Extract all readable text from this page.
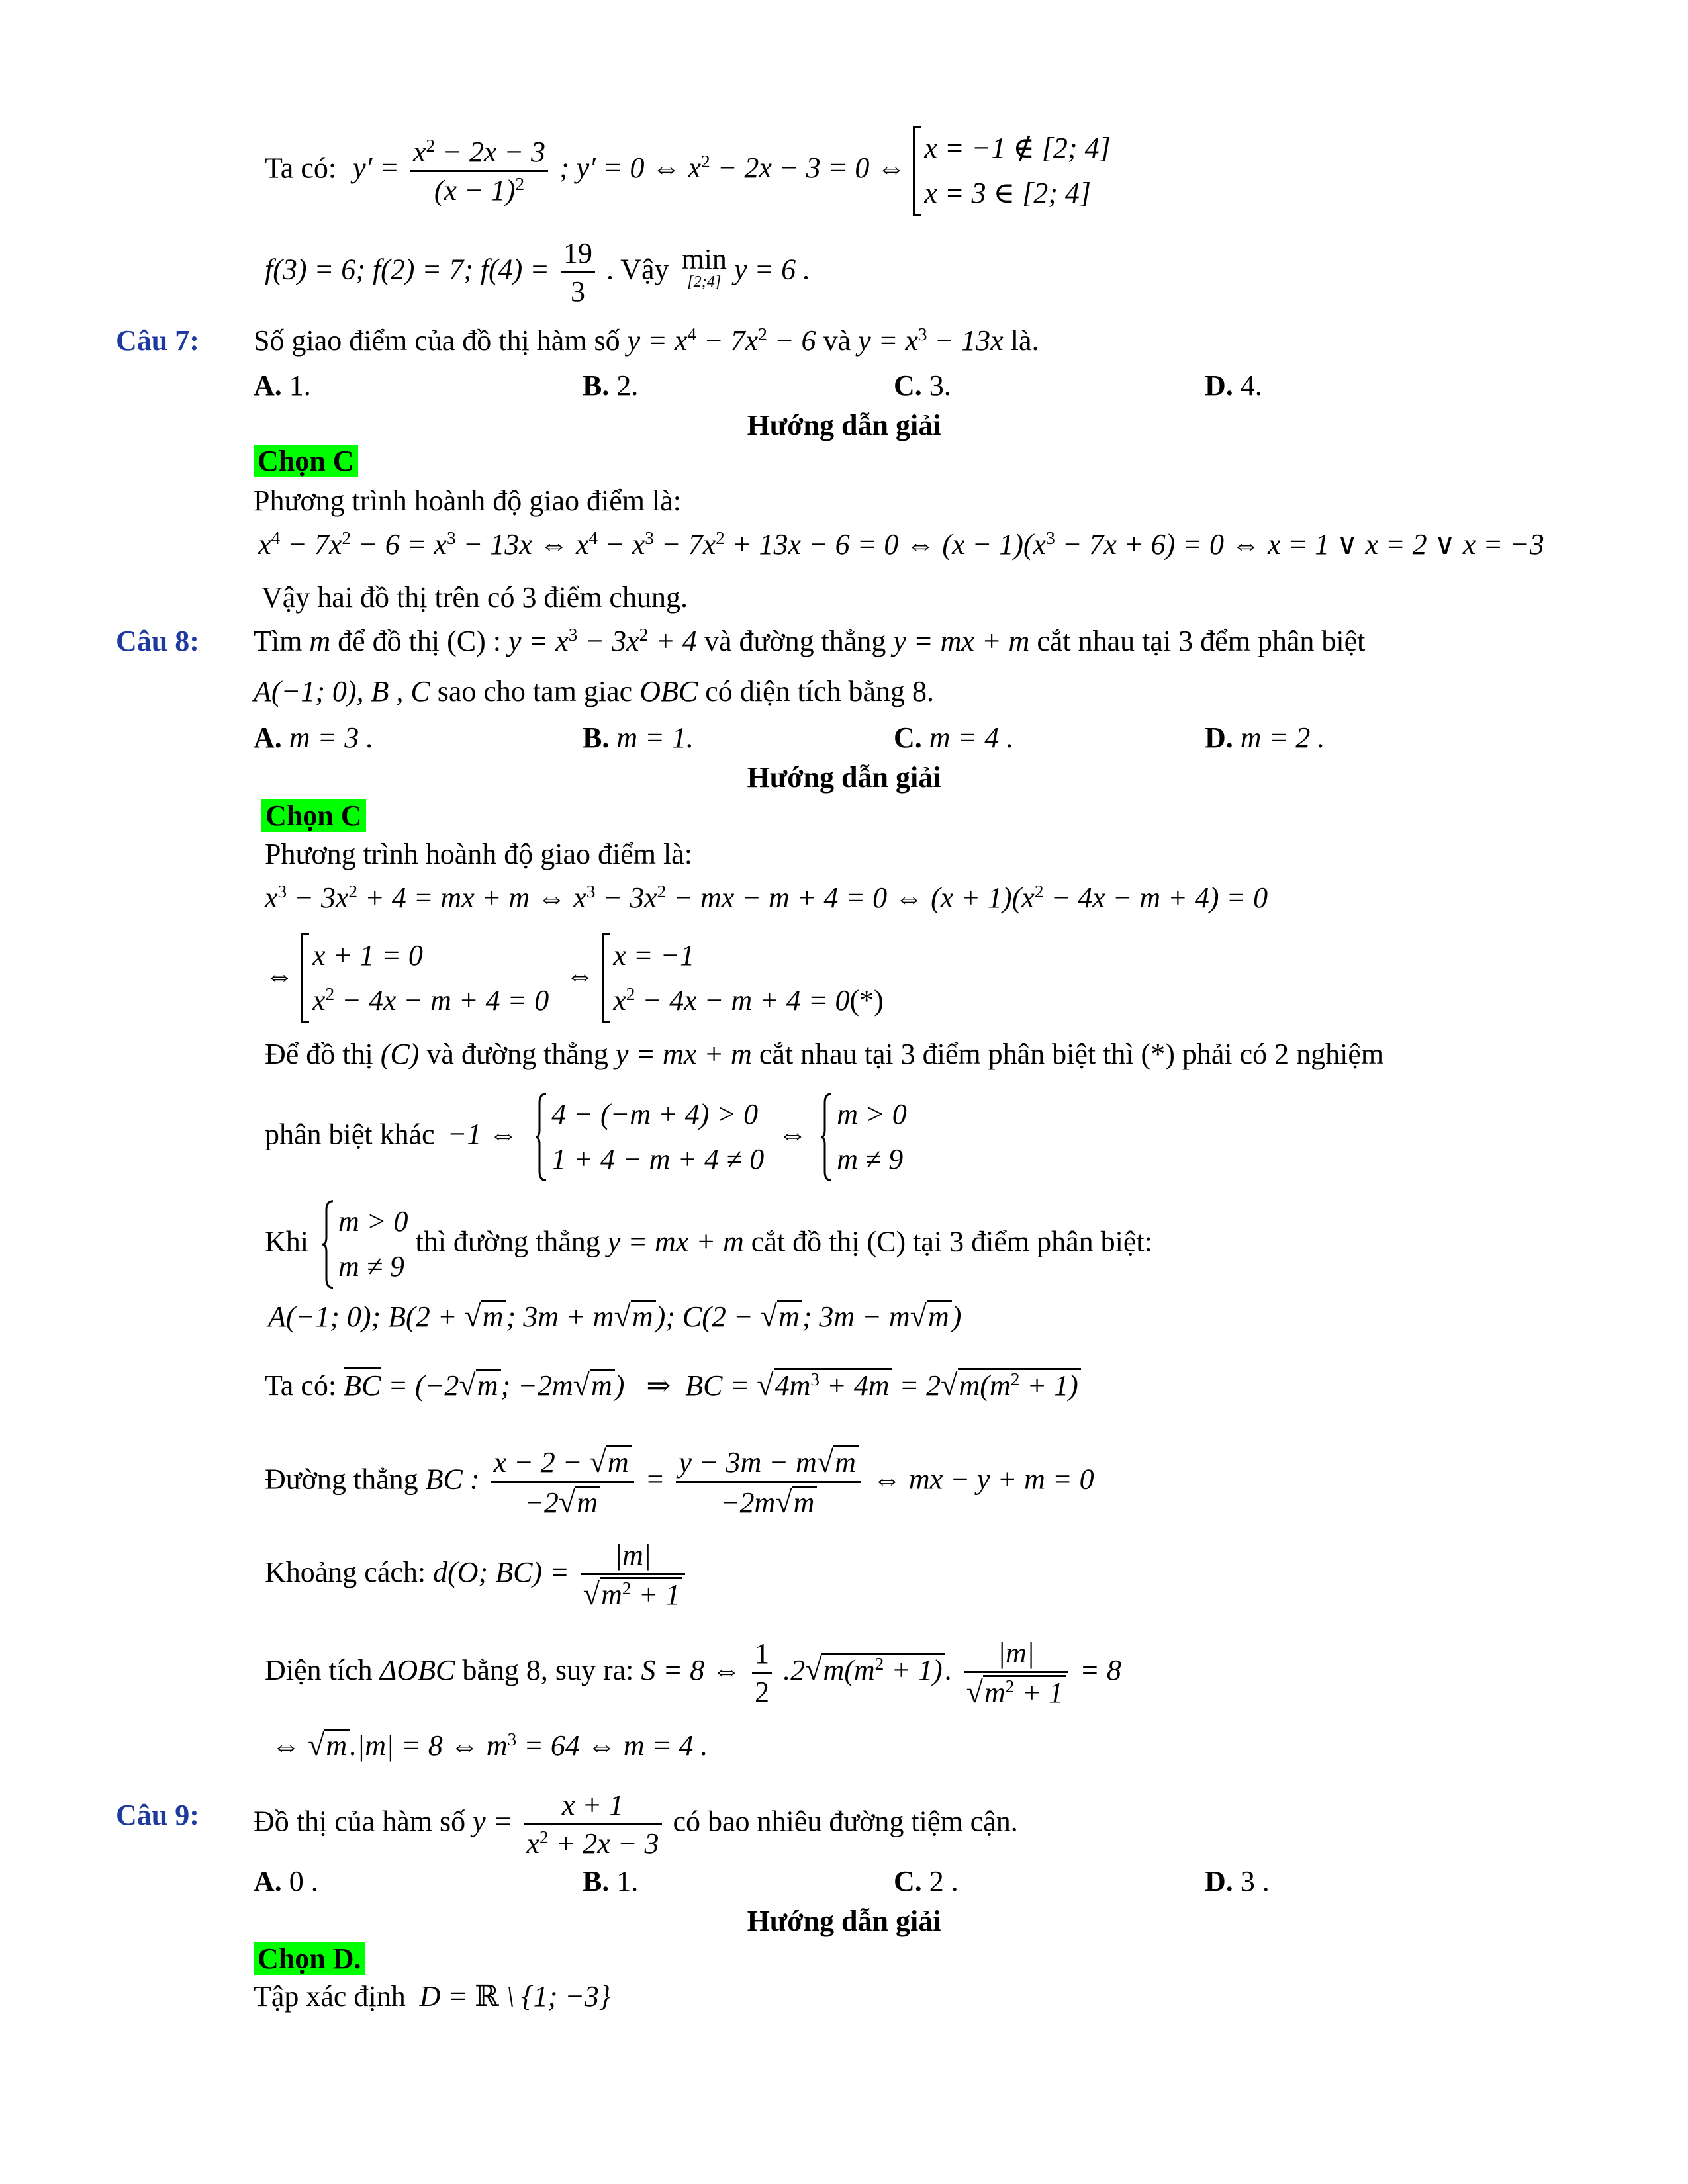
Ta có: $y' = \frac{x^2 - 2x - 3}{(x - 1)^2}$ ; y′ = 0 ⇔ $x^2 - 2x - 3 = 0$ ⇔ x = −1 ∉ [2; 4]
x = 3 ∈ [2; 4]
f(3) = 6; f(2) = 7; $f(4) = \frac{19}{3}$ . Vậy min
[2;4] y = 6 .
Câu 7: Số giao điểm của đồ thị hàm số $y = x^4 - 7x^2 - 6$ và $y = x^3 - 13x$ là.
A. 1.	B. 2.	C. 3.	D. 4.
Hướng dẫn giải
Chọn C
Phương trình hoành độ giao điểm là:
$x^4 - 7x^2 - 6 = x^3 - 13x$ ⇔ $x^4 - x^3 - 7x^2 + 13x - 6 = 0$ ⇔ $(x - 1)(x^3 - 7x + 6) = 0$ ⇔ x = 1 ∨ x = 2 ∨ x = −3
Vậy hai đồ thị trên có 3 điểm chung.
Câu 8: Tìm m để đồ thị (C) : $y = x^3 - 3x^2 + 4$ và đường thẳng y = mx + m cắt nhau tại 3 đểm phân biệt
A(−1; 0), B , C sao cho tam giac OBC có diện tích bằng 8.
A. m = 3 .	B. m = 1.	C. m = 4 .	D. m = 2 .
Hướng dẫn giải
Chọn C
Phương trình hoành độ giao điểm là:
$x^3 - 3x^2 + 4$ = mx + m ⇔ $x^3 - 3x^2$ − mx − m + 4 = 0 ⇔ $(x + 1)(x^2 - 4x - m + 4) = 0$
⇔ x + 1 = 0
$x^2 - 4x - m + 4 = 0$ ⇔ x = −1
$x^2 - 4x - m + 4 = 0(*)$
Để đồ thị (C) và đường thẳng y = mx + m cắt nhau tại 3 điểm phân biệt thì (*) phải có 2 nghiệm
phân biệt khác −1 ⇔
4 − (−m + 4) > 0
1 + 4 − m + 4 ≠ 0 ⇔
m > 0
m ≠ 9
Khi
m > 0
m ≠ 9 thì đường thẳng y = mx + m cắt đồ thị (C) tại 3 điểm phân biệt:
A(−1; 0); B(2 + √m; 3m + m√m); C(2 − √m; 3m − m√m)
Ta có: $\overline{BC} = (-2√m$; −2m√m)   ⇒  BC = $√4m^3 + 4m = 2√m(m^2 + 1)$
Đường thẳng BC : $\frac{x - 2 - √m}{-2√m} = \frac{y - 3m - m√m}{-2m√m}$ ⇔ mx − y + m = 0
Khoảng cách: d(O; $BC) = \frac{|m|}{√m^2 + 1}$
Diện tích ΔOBC bằng 8, suy ra: S = 8 ⇔ $\frac{1}{2} .2√m(m^2 + 1)$. $\frac{|m|}{√m^2 + 1} = 8$
⇔ √m.|m| = 8 ⇔ $m^3 = 64$ ⇔ m = 4 .
Câu 9: Đồ thị của hàm số $y = \frac{x + 1}{x^2 + 2x - 3}$ có bao nhiêu đường tiệm cận.
A. 0 .	B. 1.	C. 2 .	D. 3 .
Hướng dẫn giải
Chọn D.
Tập xác định D = ℝ \ {1; −3}
